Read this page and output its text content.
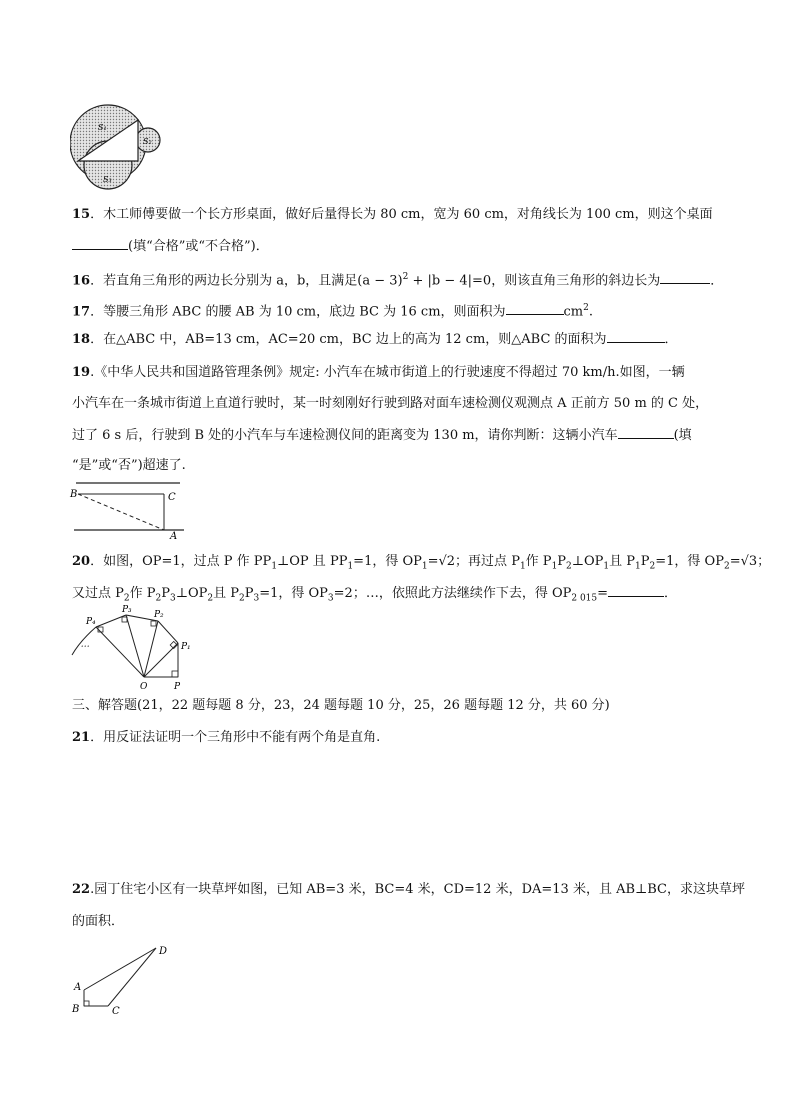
S₁
S₂
S₃
15．木工师傅要做一个长方形桌面，做好后量得长为 80 cm，宽为 60 cm，对角线长为 100 cm，则这个桌面
(填“合格”或“不合格”)．
16．若直角三角形的两边长分别为 a，b，且满足$(a - 3)^2 + |b - 4|=0$，则该直角三角形的斜边长为	．
17．等腰三角形 ABC 的腰 AB 为 10 cm，底边 BC 为 16 cm，则面积为	$cm^2$.
18．在△ABC 中，AB=13 cm，AC=20 cm，BC 边上的高为 12 cm，则△ABC 的面积为	．
19.《中华人民共和国道路管理条例》规定: 小汽车在城市街道上的行驶速度不得超过 70 km/h.如图，一辆
小汽车在一条城市街道上直道行驶时，某一时刻刚好行驶到路对面车速检测仪观测点 A 正前方 50 m 的 C 处，
过了 6 s 后，行驶到 B 处的小汽车与车速检测仪间的距离变为 130 m，请你判断：这辆小汽车	(填
“是”或“否”)超速了.
B	C
A
20．如图，OP=1，过点 P 作 $PP_1\perp OP$ 且 $PP_1=1$，得 $OP_1=√2$；再过点 $P_1$作 $P_1P_2\perp OP_1$且 $P_1P_2=1$，得 $OP_2=√3$；
又过点 $P_2$作 $P_2P_3\perp OP_2$且 $P_2P_3=1$，得 $OP_3=2$；…，依照此方法继续作下去，得 $OP_{2 015}=$	．
O	P
P₁
P₂
P₃
P₄
⋯
三、解答题(21，22 题每题 8 分，23，24 题每题 10 分，25，26 题每题 12 分，共 60 分)
21．用反证法证明一个三角形中不能有两个角是直角.
22.园丁住宅小区有一块草坪如图，已知 AB=3 米，BC=4 米，CD=12 米，DA=13 米，且 AB⊥BC，求这块草坪
的面积．
A
B	C
D
